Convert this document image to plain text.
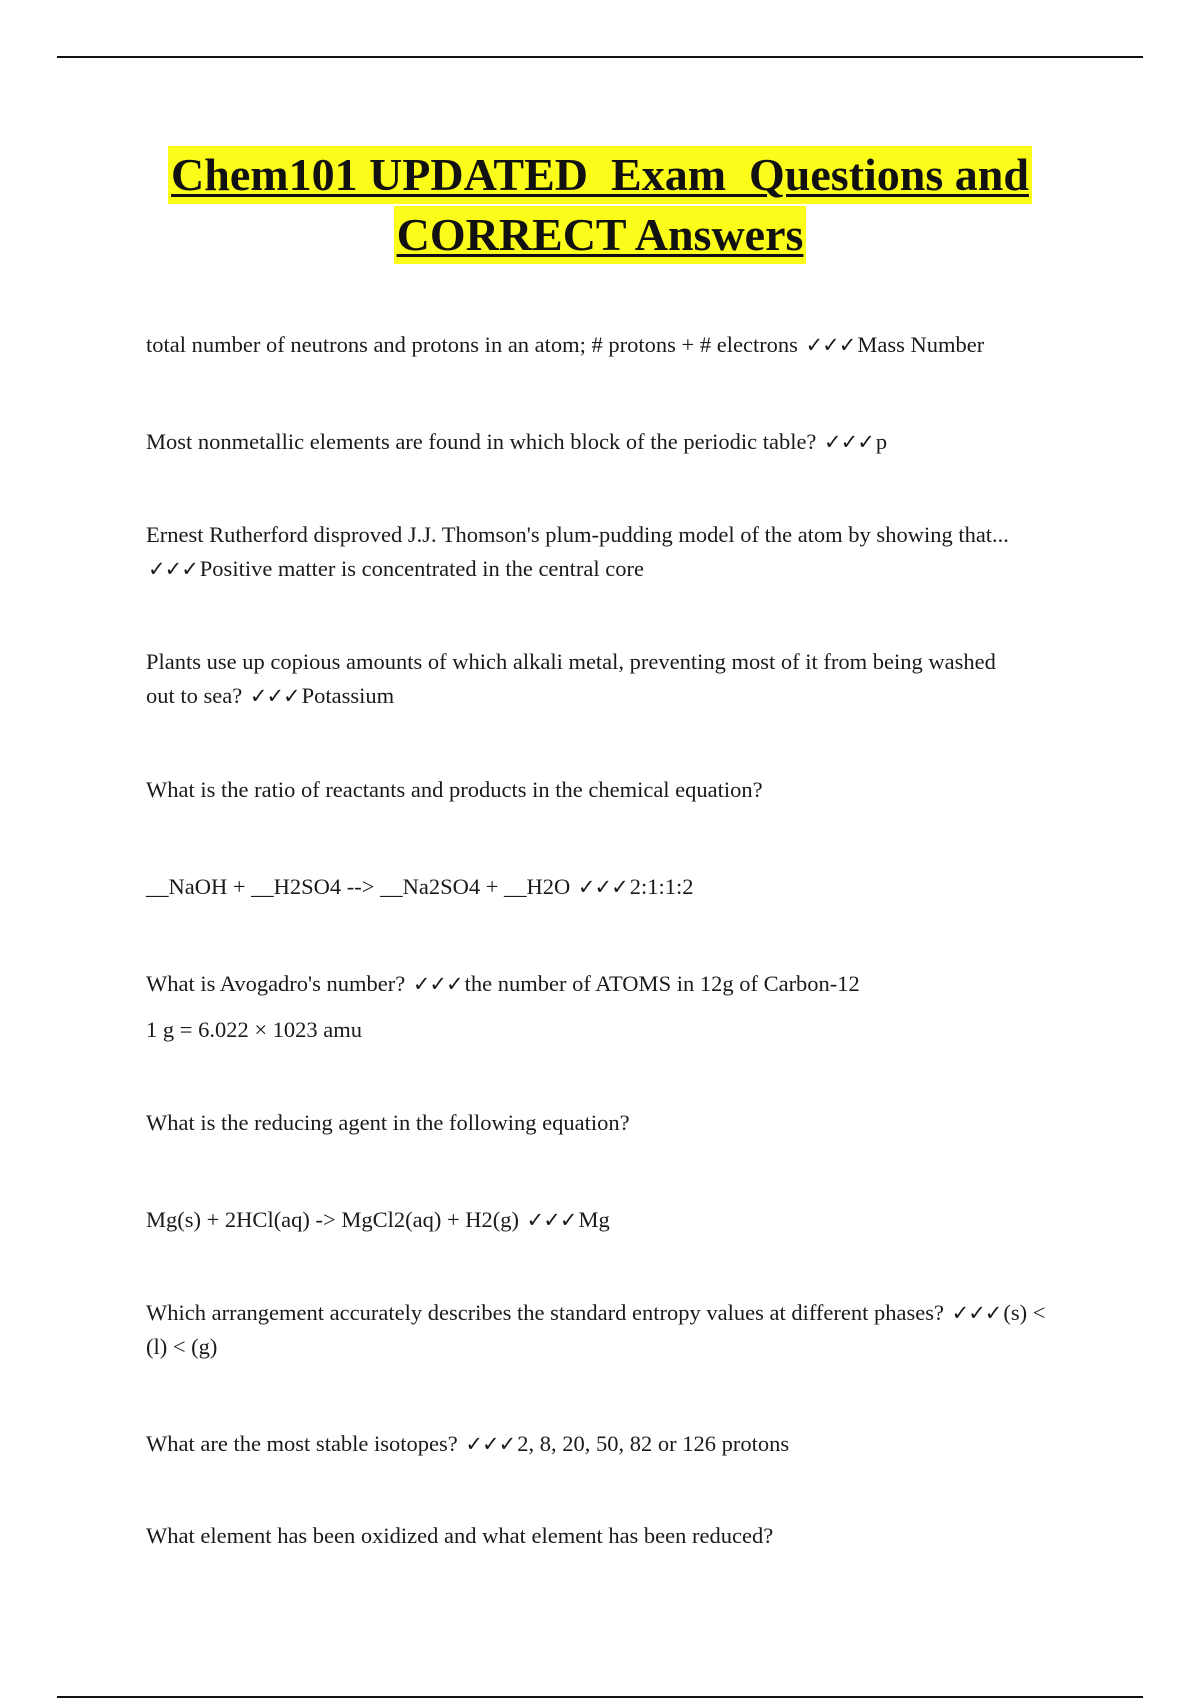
Chem101 UPDATED  Exam  Questions and
CORRECT Answers

total number of neutrons and protons in an atom; # protons + # electrons ✓✓✓Mass Number

Most nonmetallic elements are found in which block of the periodic table? ✓✓✓p

Ernest Rutherford disproved J.J. Thomson's plum-pudding model of the atom by showing that... ✓✓✓Positive matter is concentrated in the central core

Plants use up copious amounts of which alkali metal, preventing most of it from being washed out to sea? ✓✓✓Potassium

What is the ratio of reactants and products in the chemical equation?

__NaOH + __H2SO4 --> __Na2SO4 + __H2O ✓✓✓2:1:1:2

What is Avogadro's number? ✓✓✓the number of ATOMS in 12g of Carbon-12

1 g = 6.022 × 1023 amu

What is the reducing agent in the following equation?

Mg(s) + 2HCl(aq) -> MgCl2(aq) + H2(g) ✓✓✓Mg

Which arrangement accurately describes the standard entropy values at different phases? ✓✓✓(s) < (l) < (g)

What are the most stable isotopes? ✓✓✓2, 8, 20, 50, 82 or 126 protons

What element has been oxidized and what element has been reduced?
